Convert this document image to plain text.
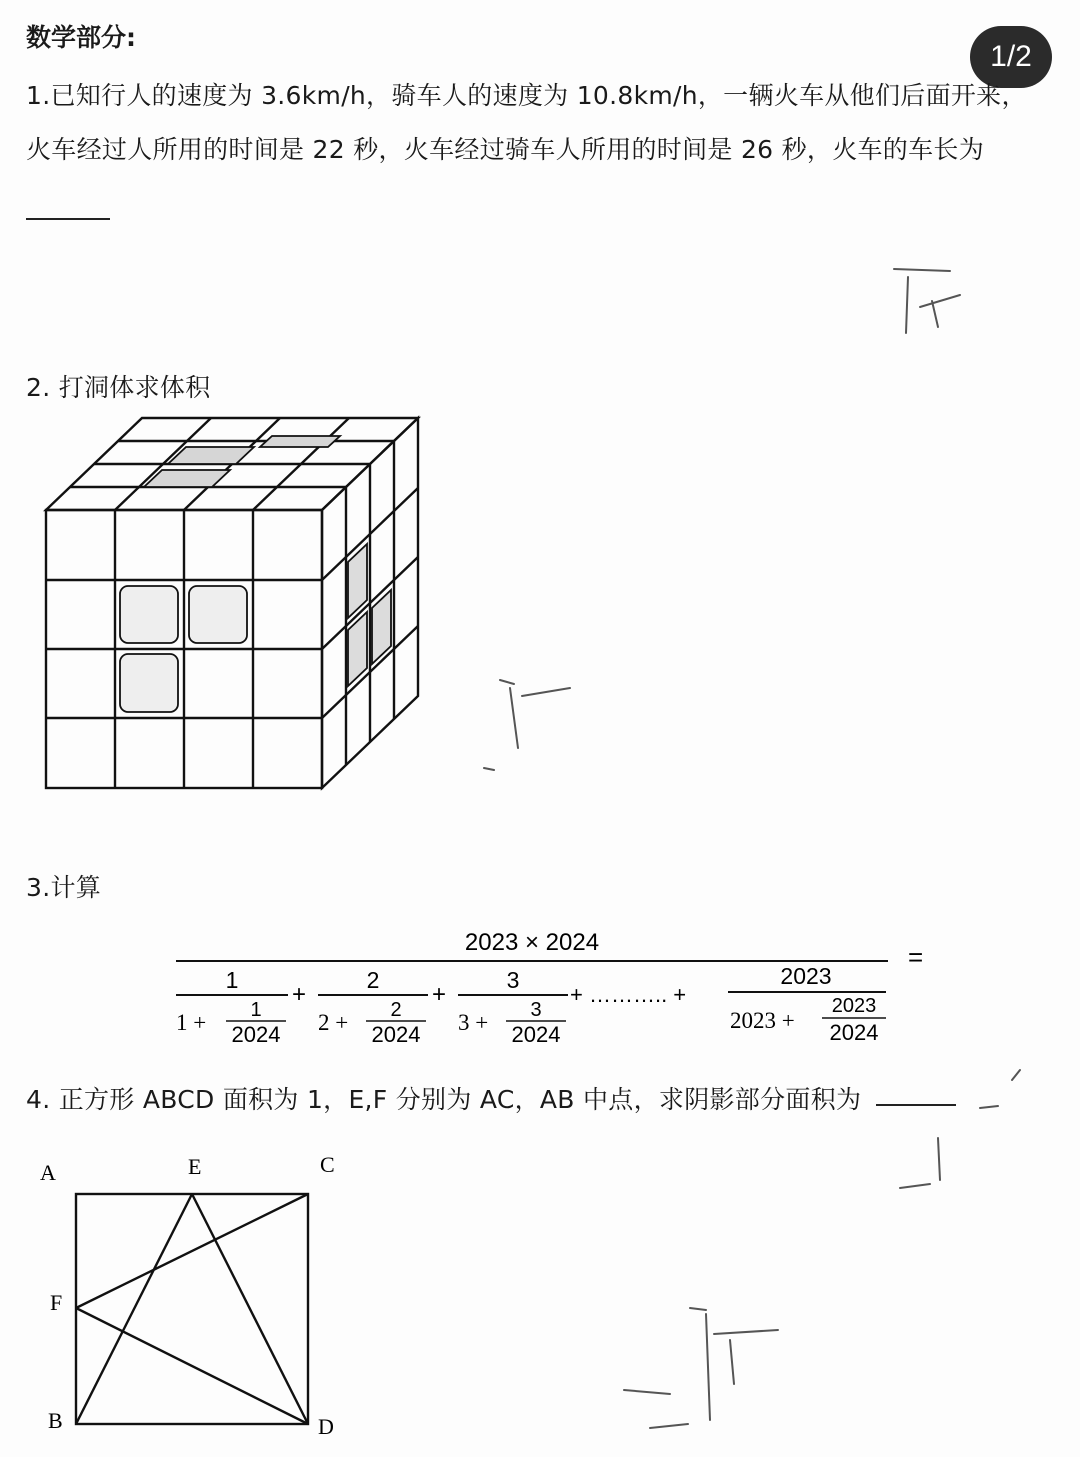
数学部分:
1/2
1.已知行人的速度为 3.6km/h，骑车人的速度为 10.8km/h，一辆火车从他们后面开来，
火车经过人所用的时间是 22 秒，火车经过骑车人所用的时间是 26 秒，火车的车长为
2. 打洞体求体积
3.计算
2023 × 2024	=
1
1 + 1
2024
+
2
2 + 2
2024
+
3
3 + 3
2024
+ ……….. +
2023
2023 +
2023
2024
4. 正方形 ABCD 面积为 1，E,F 分别为 AC，AB 中点，求阴影部分面积为
A	E	C
F
B	D
